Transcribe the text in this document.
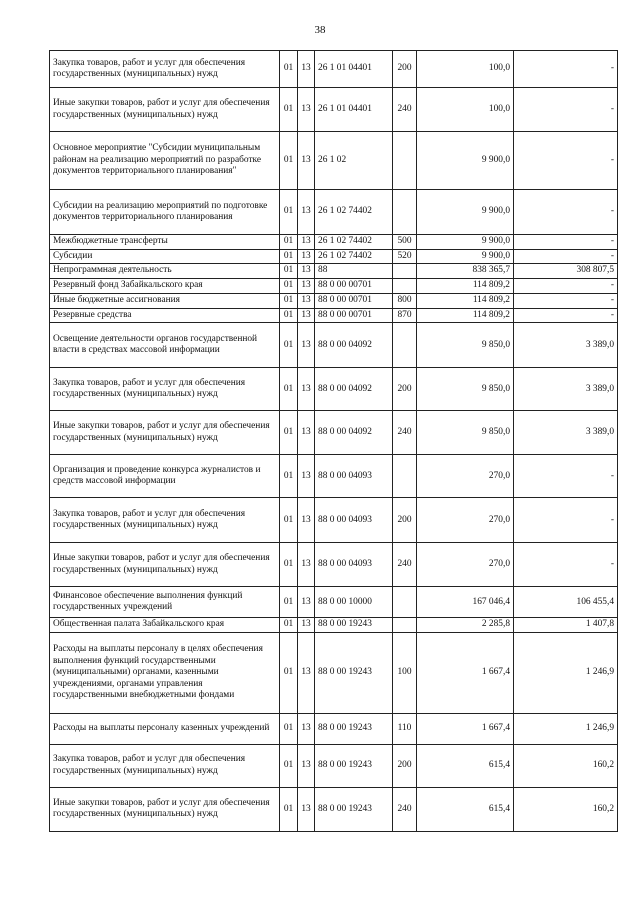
38
Закупка товаров, работ и услуг для обеспечения государственных (муниципальных) нужд	01	13	26 1 01 04401	200	100,0	-
Иные закупки товаров, работ и услуг для обеспечения государственных (муниципальных) нужд	01	13	26 1 01 04401	240	100,0	-
Основное мероприятие "Субсидии муниципальным районам на реализацию мероприятий по разработке документов территориального планирования"	01	13	26 1 02		9 900,0	-
Субсидии на реализацию мероприятий по подготовке документов территориального планирования	01	13	26 1 02 74402		9 900,0	-
Межбюджетные трансферты	01	13	26 1 02 74402	500	9 900,0	-
Субсидии	01	13	26 1 02 74402	520	9 900,0	-
Непрограммная деятельность	01	13	88		838 365,7	308 807,5
Резервный фонд Забайкальского края	01	13	88 0 00 00701		114 809,2	-
Иные бюджетные ассигнования	01	13	88 0 00 00701	800	114 809,2	-
Резервные средства	01	13	88 0 00 00701	870	114 809,2	-
Освещение деятельности органов государственной власти в средствах массовой информации	01	13	88 0 00 04092		9 850,0	3 389,0
Закупка товаров, работ и услуг для обеспечения государственных (муниципальных) нужд	01	13	88 0 00 04092	200	9 850,0	3 389,0
Иные закупки товаров, работ и услуг для обеспечения государственных (муниципальных) нужд	01	13	88 0 00 04092	240	9 850,0	3 389,0
Организация и проведение конкурса журналистов и средств массовой информации	01	13	88 0 00 04093		270,0	-
Закупка товаров, работ и услуг для обеспечения государственных (муниципальных) нужд	01	13	88 0 00 04093	200	270,0	-
Иные закупки товаров, работ и услуг для обеспечения государственных (муниципальных) нужд	01	13	88 0 00 04093	240	270,0	-
Финансовое обеспечение выполнения функций государственных учреждений	01	13	88 0 00 10000		167 046,4	106 455,4
Общественная палата Забайкальского края	01	13	88 0 00 19243		2 285,8	1 407,8
Расходы на выплаты персоналу в целях обеспечения выполнения функций государственными (муниципальными) органами, казенными учреждениями, органами управления государственными внебюджетными фондами	01	13	88 0 00 19243	100	1 667,4	1 246,9
Расходы на выплаты персоналу казенных учреждений	01	13	88 0 00 19243	110	1 667,4	1 246,9
Закупка товаров, работ и услуг для обеспечения государственных (муниципальных) нужд	01	13	88 0 00 19243	200	615,4	160,2
Иные закупки товаров, работ и услуг для обеспечения государственных (муниципальных) нужд	01	13	88 0 00 19243	240	615,4	160,2
